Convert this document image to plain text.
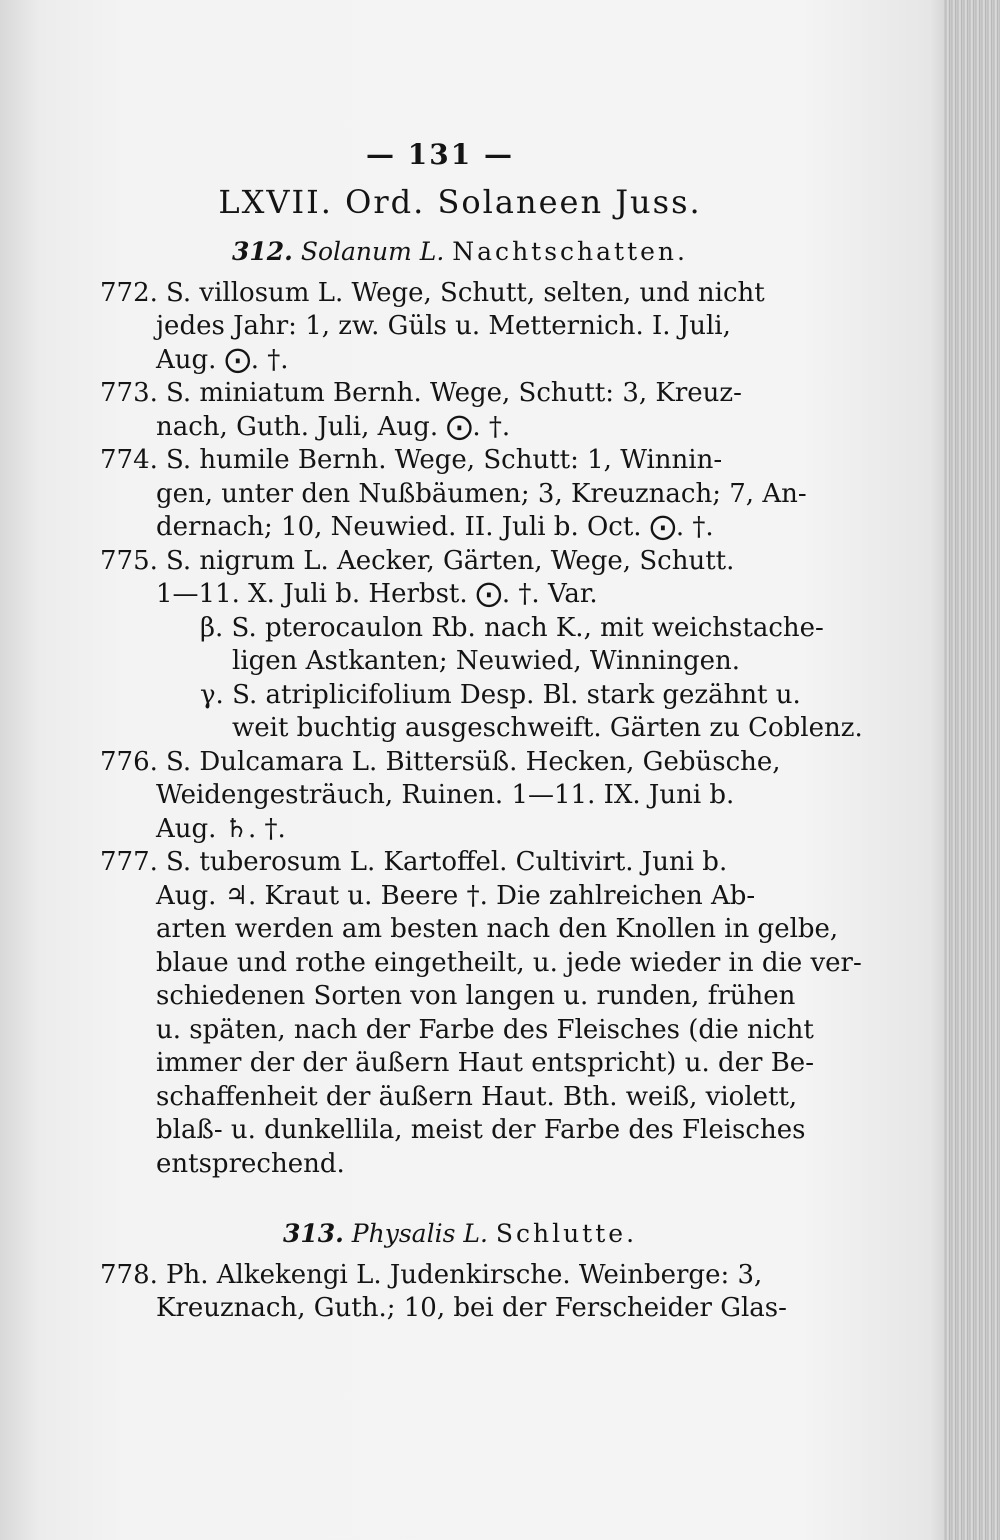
— 131 —
LXVII. Ord. Solaneen Juss.
312. Solanum L. Nachtschatten.
772. S. villosum L. Wege, Schutt, selten, und nicht
jedes Jahr: 1, zw. Güls u. Metternich. I. Juli,
Aug. ⨀. †.
773. S. miniatum Bernh. Wege, Schutt: 3, Kreuz-
nach, Guth. Juli, Aug. ⨀. †.
774. S. humile Bernh. Wege, Schutt: 1, Winnin-
gen, unter den Nußbäumen; 3, Kreuznach; 7, An-
dernach; 10, Neuwied. II. Juli b. Oct. ⨀. †.
775. S. nigrum L. Aecker, Gärten, Wege, Schutt.
1—11. X. Juli b. Herbst. ⨀. †. Var.
β. S. pterocaulon Rb. nach K., mit weichstache-
ligen Astkanten; Neuwied, Winningen.
γ. S. atriplicifolium Desp. Bl. stark gezähnt u.
weit buchtig ausgeschweift. Gärten zu Coblenz.
776. S. Dulcamara L. Bittersüß. Hecken, Gebüsche,
Weidengesträuch, Ruinen. 1—11. IX. Juni b.
Aug. ♄. †.
777. S. tuberosum L. Kartoffel. Cultivirt. Juni b.
Aug. ♃. Kraut u. Beere †. Die zahlreichen Ab-
arten werden am besten nach den Knollen in gelbe,
blaue und rothe eingetheilt, u. jede wieder in die ver-
schiedenen Sorten von langen u. runden, frühen
u. späten, nach der Farbe des Fleisches (die nicht
immer der der äußern Haut entspricht) u. der Be-
schaffenheit der äußern Haut. Bth. weiß, violett,
blaß- u. dunkellila, meist der Farbe des Fleisches
entsprechend.
313. Physalis L. Schlutte.
778. Ph. Alkekengi L. Judenkirsche. Weinberge: 3,
Kreuznach, Guth.; 10, bei der Ferscheider Glas-
